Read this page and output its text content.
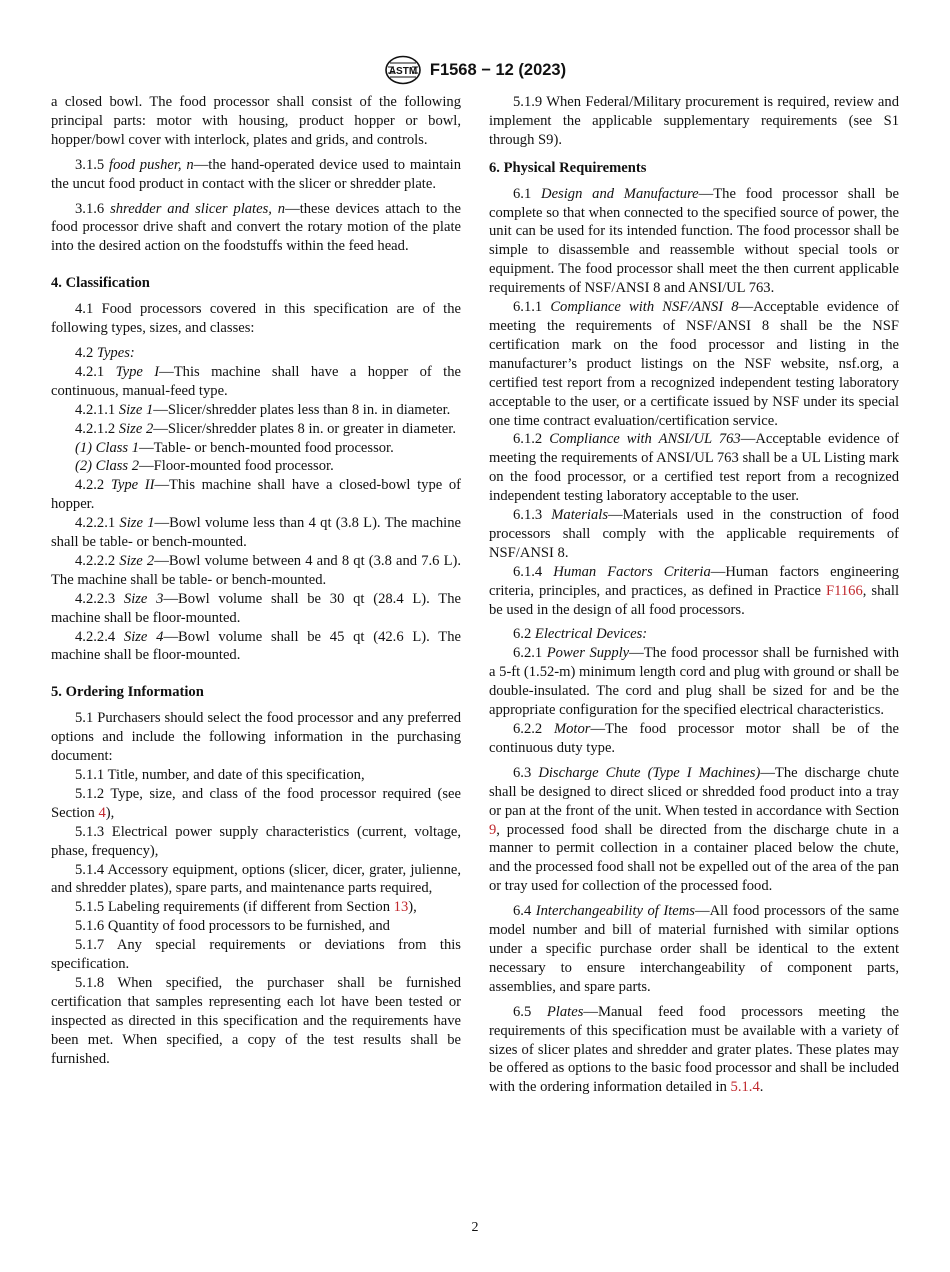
ASTM F1568 − 12 (2023)

a closed bowl. The food processor shall consist of the following principal parts: motor with housing, product hopper or bowl, hopper/bowl cover with interlock, plates and grids, and controls.

3.1.5 food pusher, n—the hand-operated device used to maintain the uncut food product in contact with the slicer or shredder plate.

3.1.6 shredder and slicer plates, n—these devices attach to the food processor drive shaft and convert the rotary motion of the plate into the desired action on the foodstuffs within the feed head.

4. Classification

4.1 Food processors covered in this specification are of the following types, sizes, and classes:

4.2 Types:

4.2.1 Type I—This machine shall have a hopper of the continuous, manual-feed type.

4.2.1.1 Size 1—Slicer/shredder plates less than 8 in. in diameter.

4.2.1.2 Size 2—Slicer/shredder plates 8 in. or greater in diameter.

(1) Class 1—Table- or bench-mounted food processor.

(2) Class 2—Floor-mounted food processor.

4.2.2 Type II—This machine shall have a closed-bowl type of hopper.

4.2.2.1 Size 1—Bowl volume less than 4 qt (3.8 L). The machine shall be table- or bench-mounted.

4.2.2.2 Size 2—Bowl volume between 4 and 8 qt (3.8 and 7.6 L). The machine shall be table- or bench-mounted.

4.2.2.3 Size 3—Bowl volume shall be 30 qt (28.4 L). The machine shall be floor-mounted.

4.2.2.4 Size 4—Bowl volume shall be 45 qt (42.6 L). The machine shall be floor-mounted.

5. Ordering Information

5.1 Purchasers should select the food processor and any preferred options and include the following information in the purchasing document:

5.1.1 Title, number, and date of this specification,

5.1.2 Type, size, and class of the food processor required (see Section 4),

5.1.3 Electrical power supply characteristics (current, voltage, phase, frequency),

5.1.4 Accessory equipment, options (slicer, dicer, grater, julienne, and shredder plates), spare parts, and maintenance parts required,

5.1.5 Labeling requirements (if different from Section 13),

5.1.6 Quantity of food processors to be furnished, and

5.1.7 Any special requirements or deviations from this specification.

5.1.8 When specified, the purchaser shall be furnished certification that samples representing each lot have been tested or inspected as directed in this specification and the requirements have been met. When specified, a copy of the test results shall be furnished.

5.1.9 When Federal/Military procurement is required, review and implement the applicable supplementary requirements (see S1 through S9).

6. Physical Requirements

6.1 Design and Manufacture—The food processor shall be complete so that when connected to the specified source of power, the unit can be used for its intended function. The food processor shall be simple to disassemble and reassemble without special tools or equipment. The food processor shall meet the then current applicable requirements of NSF/ANSI 8 and ANSI/UL 763.

6.1.1 Compliance with NSF/ANSI 8—Acceptable evidence of meeting the requirements of NSF/ANSI 8 shall be the NSF certification mark on the food processor and listing in the manufacturer’s product listings on the NSF website, nsf.org, a certified test report from a recognized independent testing laboratory acceptable to the user, or a certificate issued by NSF under its special one time contract evaluation/certification service.

6.1.2 Compliance with ANSI/UL 763—Acceptable evidence of meeting the requirements of ANSI/UL 763 shall be a UL Listing mark on the food processor, or a certified test report from a recognized independent testing laboratory acceptable to the user.

6.1.3 Materials—Materials used in the construction of food processors shall comply with the applicable requirements of NSF/ANSI 8.

6.1.4 Human Factors Criteria—Human factors engineering criteria, principles, and practices, as defined in Practice F1166, shall be used in the design of all food processors.

6.2 Electrical Devices:

6.2.1 Power Supply—The food processor shall be furnished with a 5-ft (1.52-m) minimum length cord and plug with ground or shall be double-insulated. The cord and plug shall be sized for and be the appropriate configuration for the specified electrical characteristics.

6.2.2 Motor—The food processor motor shall be of the continuous duty type.

6.3 Discharge Chute (Type I Machines)—The discharge chute shall be designed to direct sliced or shredded food product into a tray or pan at the front of the unit. When tested in accordance with Section 9, processed food shall be directed from the discharge chute in a manner to permit collection in a container placed below the chute, and the processed food shall not be expelled out of the area of the pan or tray used for collection of the processed food.

6.4 Interchangeability of Items—All food processors of the same model number and bill of material furnished with similar options under a specific purchase order shall be identical to the extent necessary to ensure interchangeability of component parts, assemblies, and spare parts.

6.5 Plates—Manual feed food processors meeting the requirements of this specification must be available with a variety of sizes of slicer plates and shredder and grater plates. These plates may be offered as options to the basic food processor and shall be included with the ordering information detailed in 5.1.4.

2
